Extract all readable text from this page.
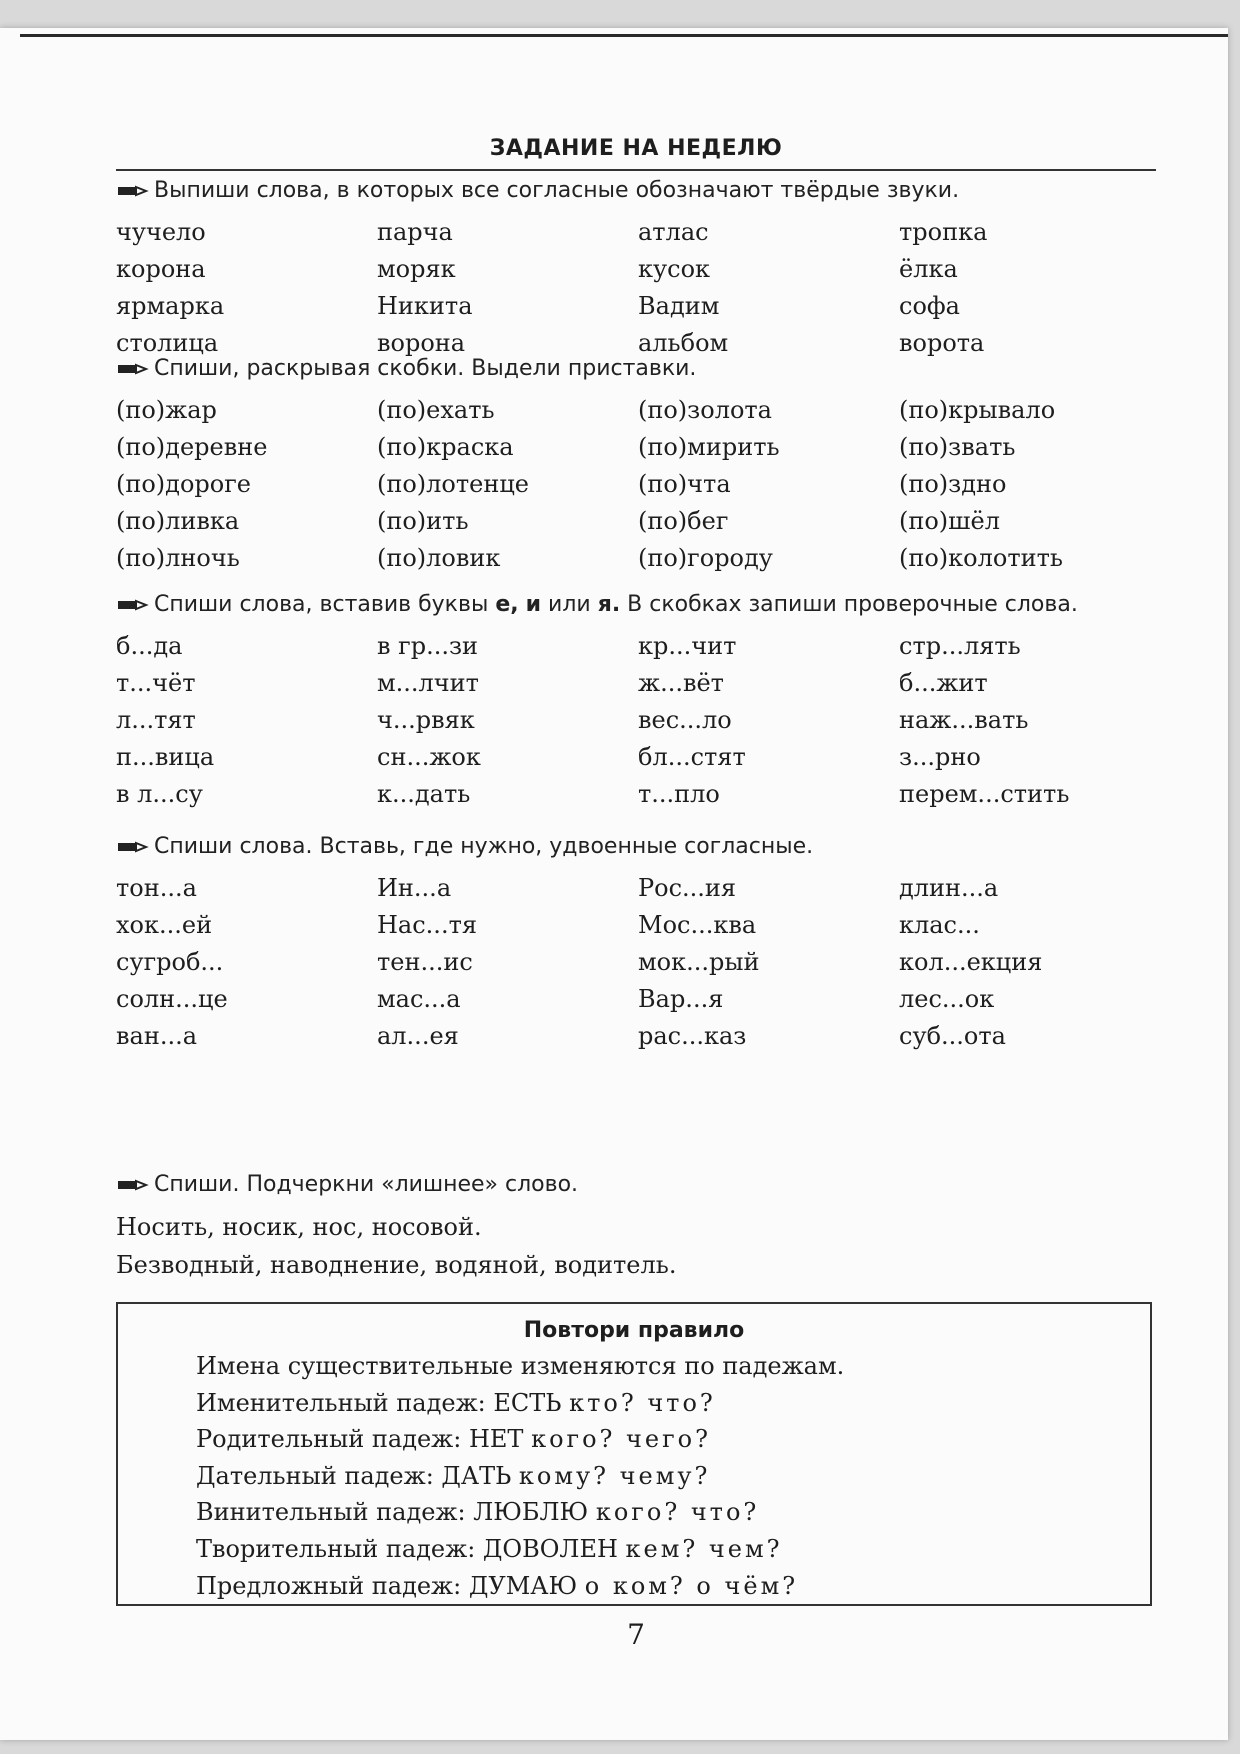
ЗАДАНИЕ НА НЕДЕЛЮ
Выпиши слова, в которых все согласные обозначают твёрдые звуки.
чучело	парча	атлас	тропка
корона	моряк	кусок	ёлка
ярмарка	Никита	Вадим	софа
столица	ворона	альбом	ворота
Спиши, раскрывая скобки. Выдели приставки.
(по)жар	(по)ехать	(по)золота	(по)крывало
(по)деревне	(по)краска	(по)мирить	(по)звать
(по)дороге	(по)лотенце	(по)чта	(по)здно
(по)ливка	(по)ить	(по)бег	(по)шёл
(по)лночь	(по)ловик	(по)городу	(по)колотить
Спиши слова, вставив буквы е, и или я. В скобках запиши проверочные слова.
б...да	в гр...зи	кр...чит	стр...лять
т...чёт	м...лчит	ж...вёт	б...жит
л...тят	ч...рвяк	вес...ло	наж...вать
п...вица	сн...жок	бл...стят	з...рно
в л...су	к...дать	т...пло	перем...стить
Спиши слова. Вставь, где нужно, удвоенные согласные.
тон...а	Ин...а	Рос...ия	длин...а
хок...ей	Нас...тя	Мос...ква	клас...
сугроб...	тен...ис	мок...рый	кол...екция
солн...це	мас...а	Вар...я	лес...ок
ван...а	ал...ея	рас...каз	суб...ота
Спиши. Подчеркни «лишнее» слово.
Носить, носик, нос, носовой.
Безводный, наводнение, водяной, водитель.
Повтори правило
Имена существительные изменяются по падежам.
Именительный падеж: ЕСТЬ кто? что?
Родительный падеж: НЕТ кого? чего?
Дательный падеж: ДАТЬ кому? чему?
Винительный падеж: ЛЮБЛЮ кого? что?
Творительный падеж: ДОВОЛЕН кем? чем?
Предложный падеж: ДУМАЮ о ком? о чём?
7
